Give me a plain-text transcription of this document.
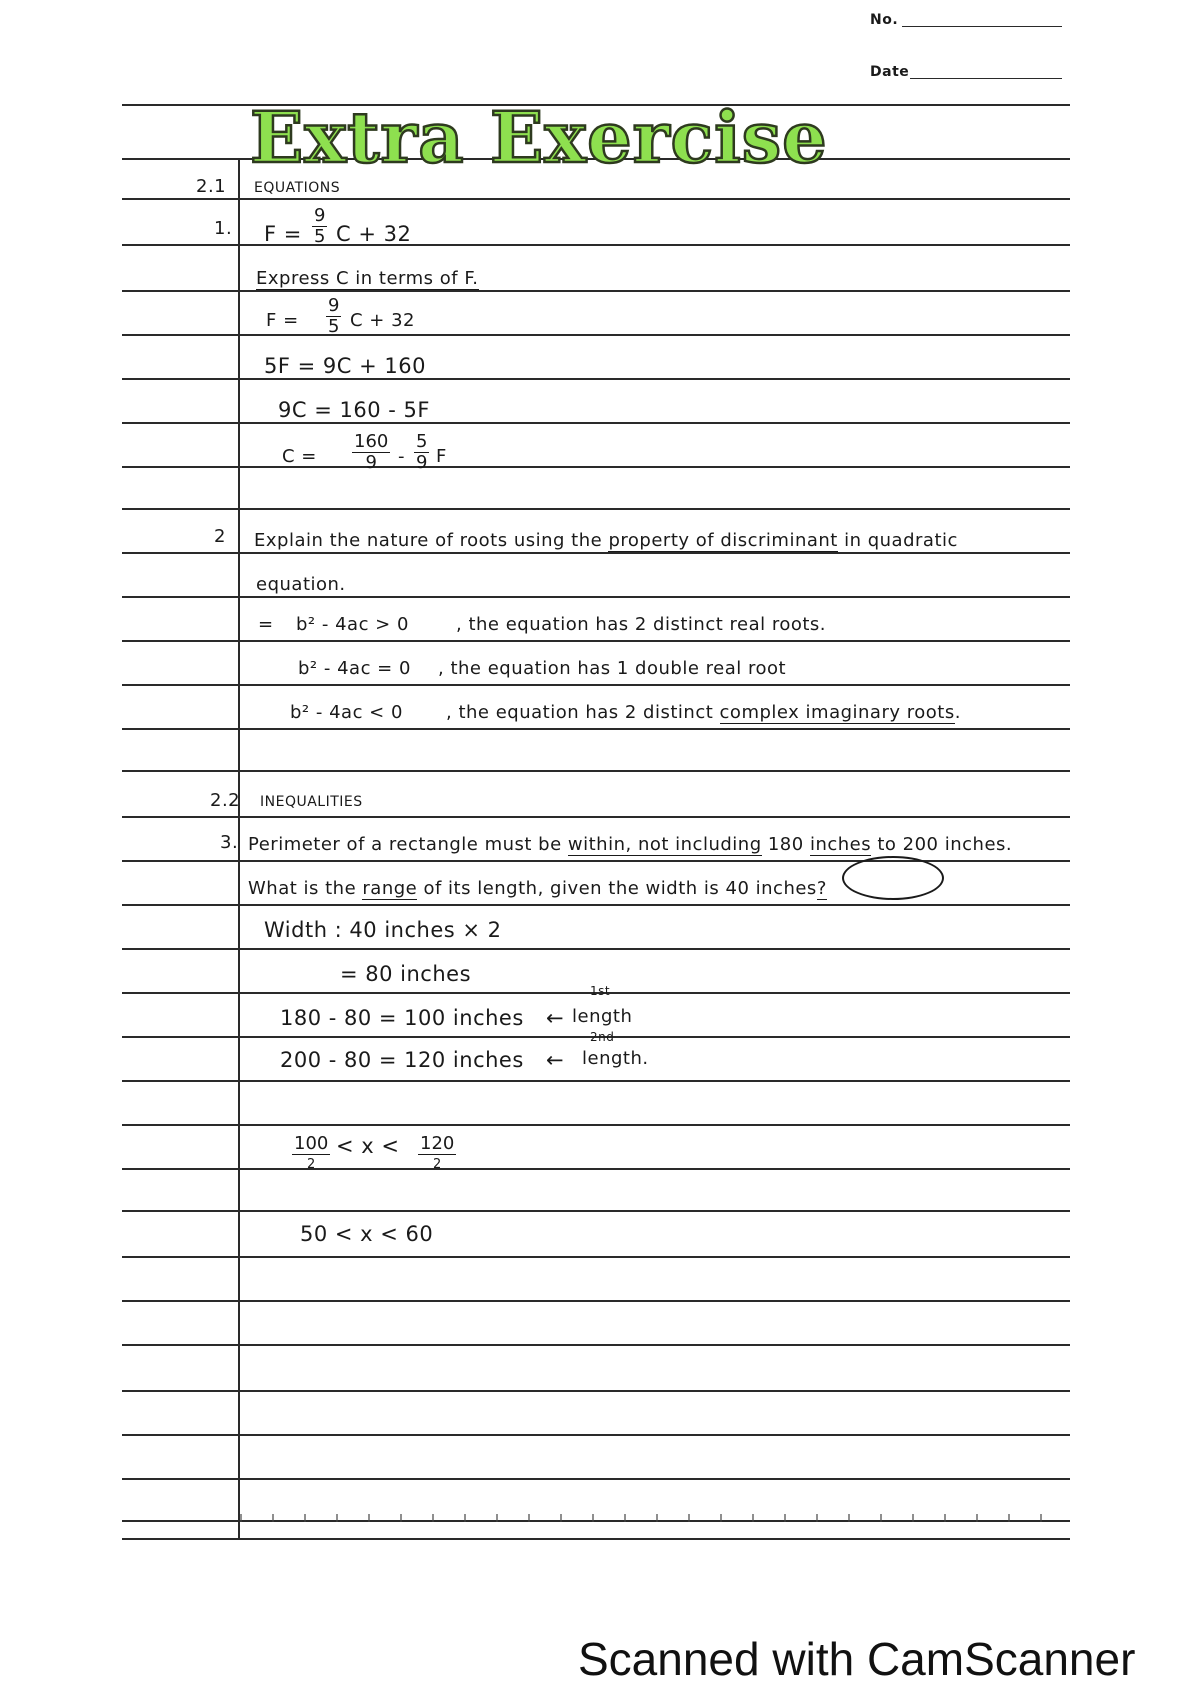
No.
Date
Extra Exercise
2.1 EQUATIONS
1. $F = \frac{9}{5}$ C + 32
Express C in terms of F.
$F = \frac{9}{5}$ C + 32
5F = 9C + 160
9C = 160 - 5F
$C = \frac{160}{9} - \frac{5}{9}$ F
2 Explain the nature of roots using the property of discriminant in quadratic
equation.
= b² - 4ac > 0	, the equation has 2 distinct real roots.
b² - 4ac = 0 , the equation has 1 double real root
b² - 4ac < 0 , the equation has 2 distinct complex imaginary roots.
2.2 INEQUALITIES
3. Perimeter of a rectangle must be within, not including 180 inches to 200 inches.
What is the range of its length, given the width is 40 inches?
Width : 40 inches × 2
= 80 inches
180 - 80 = 100 inches ←
1st
length
200 - 80 = 120 inches ←
2nd
length.
100
2
< x < 120
2
50 < x < 60
Scanned with CamScanner
